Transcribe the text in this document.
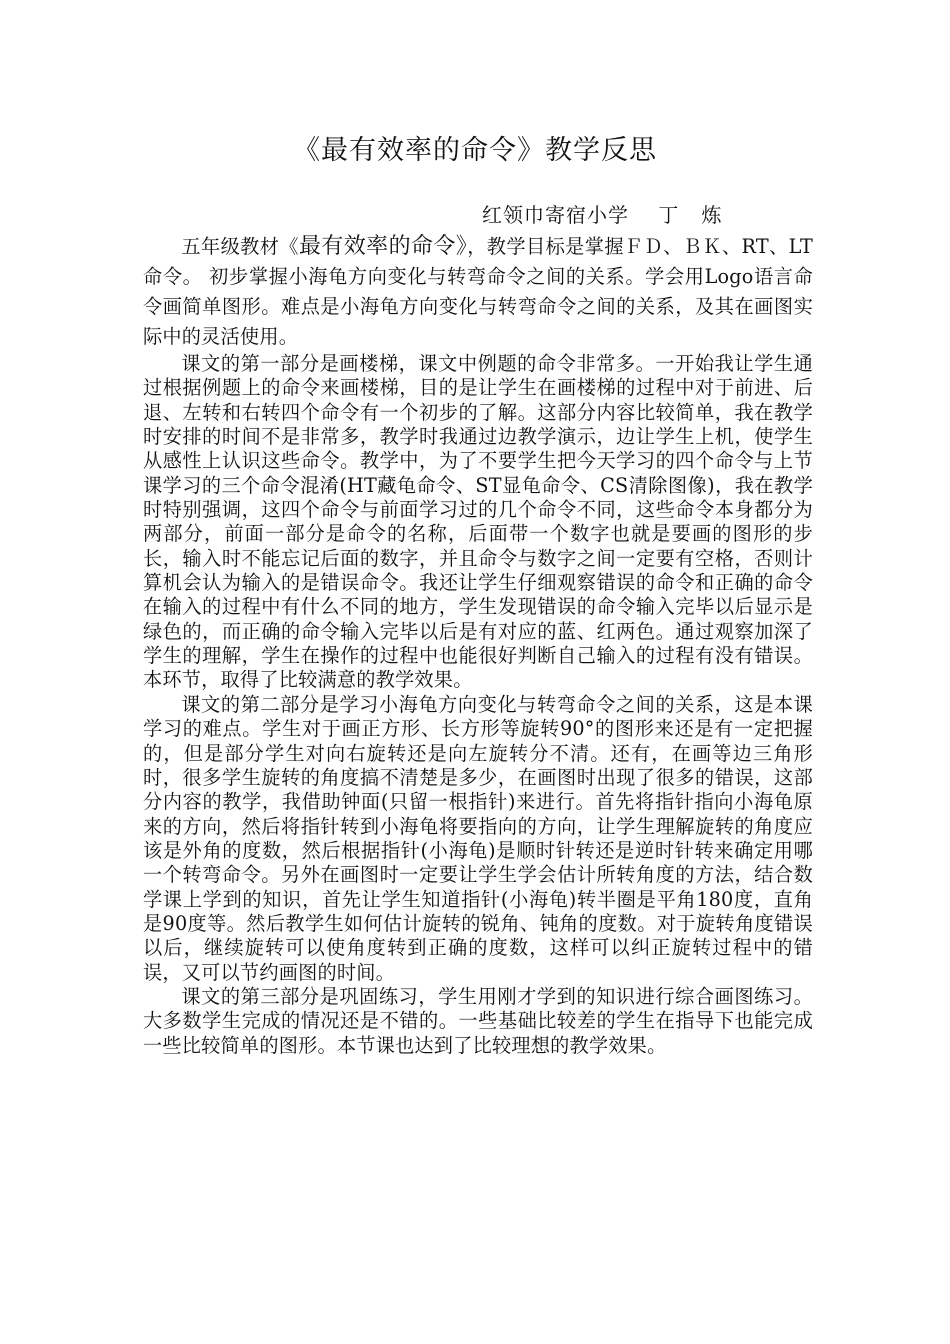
《最有效率的命令》教学反思
红领巾寄宿小学    丁   炼

五年级教材《最有效率的命令》，教学目标是掌握ＦＤ、ＢＫ、RT、LT 命令。 初步掌握小海龟方向变化与转弯命令之间的关系。学会用Logo语言命令画简单图形。难点是小海龟方向变化与转弯命令之间的关系，及其在画图实际中的灵活使用。

课文的第一部分是画楼梯，课文中例题的命令非常多。一开始我让学生通过根据例题上的命令来画楼梯，目的是让学生在画楼梯的过程中对于前进、后退、左转和右转四个命令有一个初步的了解。这部分内容比较简单，我在教学时安排的时间不是非常多，教学时我通过边教学演示，边让学生上机，使学生从感性上认识这些命令。教学中，为了不要学生把今天学习的四个命令与上节课学习的三个命令混淆(HT藏龟命令、ST显龟命令、CS清除图像)，我在教学时特别强调，这四个命令与前面学习过的几个命令不同，这些命令本身都分为两部分，前面一部分是命令的名称，后面带一个数字也就是要画的图形的步长，输入时不能忘记后面的数字，并且命令与数字之间一定要有空格，否则计算机会认为输入的是错误命令。我还让学生仔细观察错误的命令和正确的命令在输入的过程中有什么不同的地方，学生发现错误的命令输入完毕以后显示是绿色的，而正确的命令输入完毕以后是有对应的蓝、红两色。通过观察加深了学生的理解，学生在操作的过程中也能很好判断自己输入的过程有没有错误。本环节，取得了比较满意的教学效果。

课文的第二部分是学习小海龟方向变化与转弯命令之间的关系，这是本课学习的难点。学生对于画正方形、长方形等旋转90°的图形来还是有一定把握的，但是部分学生对向右旋转还是向左旋转分不清。还有，在画等边三角形时，很多学生旋转的角度搞不清楚是多少，在画图时出现了很多的错误，这部分内容的教学，我借助钟面(只留一根指针)来进行。首先将指针指向小海龟原来的方向，然后将指针转到小海龟将要指向的方向，让学生理解旋转的角度应该是外角的度数，然后根据指针(小海龟)是顺时针转还是逆时针转来确定用哪一个转弯命令。另外在画图时一定要让学生学会估计所转角度的方法，结合数学课上学到的知识，首先让学生知道指针(小海龟)转半圈是平角180度，直角是90度等。然后教学生如何估计旋转的锐角、钝角的度数。对于旋转角度错误以后，继续旋转可以使角度转到正确的度数，这样可以纠正旋转过程中的错误，又可以节约画图的时间。

课文的第三部分是巩固练习，学生用刚才学到的知识进行综合画图练习。大多数学生完成的情况还是不错的。一些基础比较差的学生在指导下也能完成一些比较简单的图形。本节课也达到了比较理想的教学效果。
